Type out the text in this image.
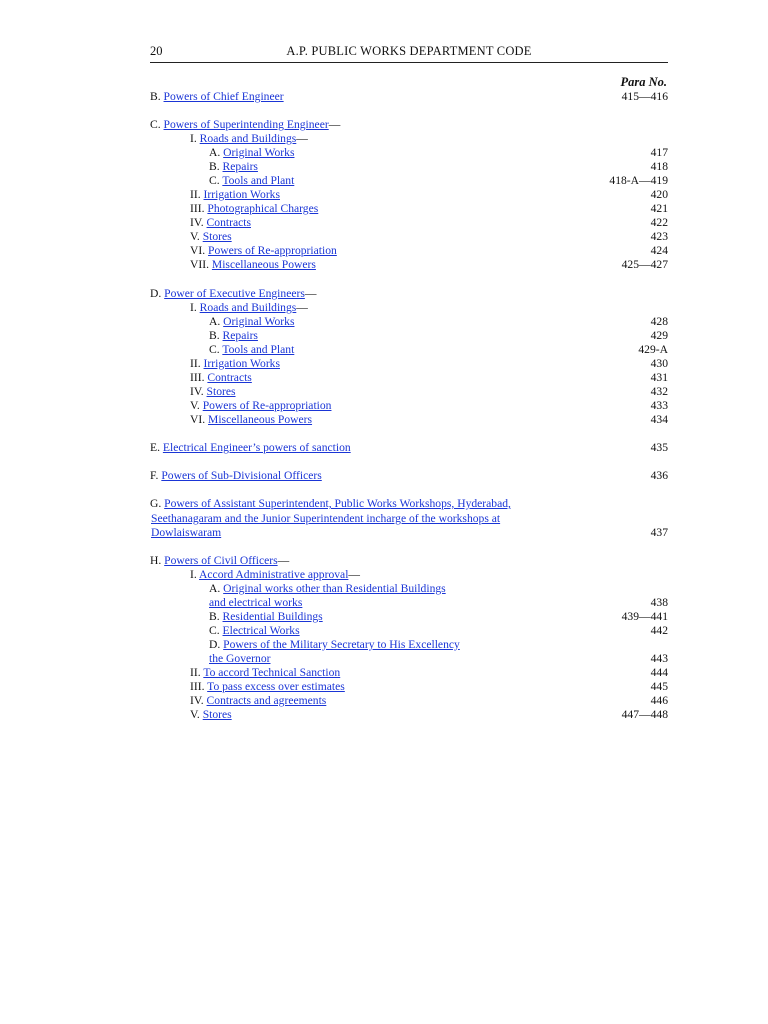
20	A.P. PUBLIC WORKS DEPARTMENT CODE
Para No.
B. Powers of Chief Engineer	415—416
C. Powers of Superintending Engineer—
I. Roads and Buildings—
A. Original Works	417
B. Repairs	418
C. Tools and Plant	418-A—419
II. Irrigation Works	420
III. Photographical Charges	421
IV. Contracts	422
V. Stores	423
VI. Powers of Re-appropriation	424
VII. Miscellaneous Powers	425—427
D. Power of Executive Engineers—
I. Roads and Buildings—
A. Original Works	428
B. Repairs	429
C. Tools and Plant	429-A
II. Irrigation Works	430
III. Contracts	431
IV. Stores	432
V. Powers of Re-appropriation	433
VI. Miscellaneous Powers	434
E. Electrical Engineer’s powers of sanction	435
F. Powers of Sub-Divisional Officers	436
G. Powers of Assistant Superintendent, Public Works Workshops, Hyderabad,
Seethanagaram and the Junior Superintendent incharge of the workshops at
Dowlaiswaram	437
H. Powers of Civil Officers—
I. Accord Administrative approval—
A. Original works other than Residential Buildings
and electrical works	438
B. Residential Buildings	439—441
C. Electrical Works	442
D. Powers of the Military Secretary to His Excellency
the Governor	443
II. To accord Technical Sanction	444
III. To pass excess over estimates	445
IV. Contracts and agreements	446
V. Stores	447—448
